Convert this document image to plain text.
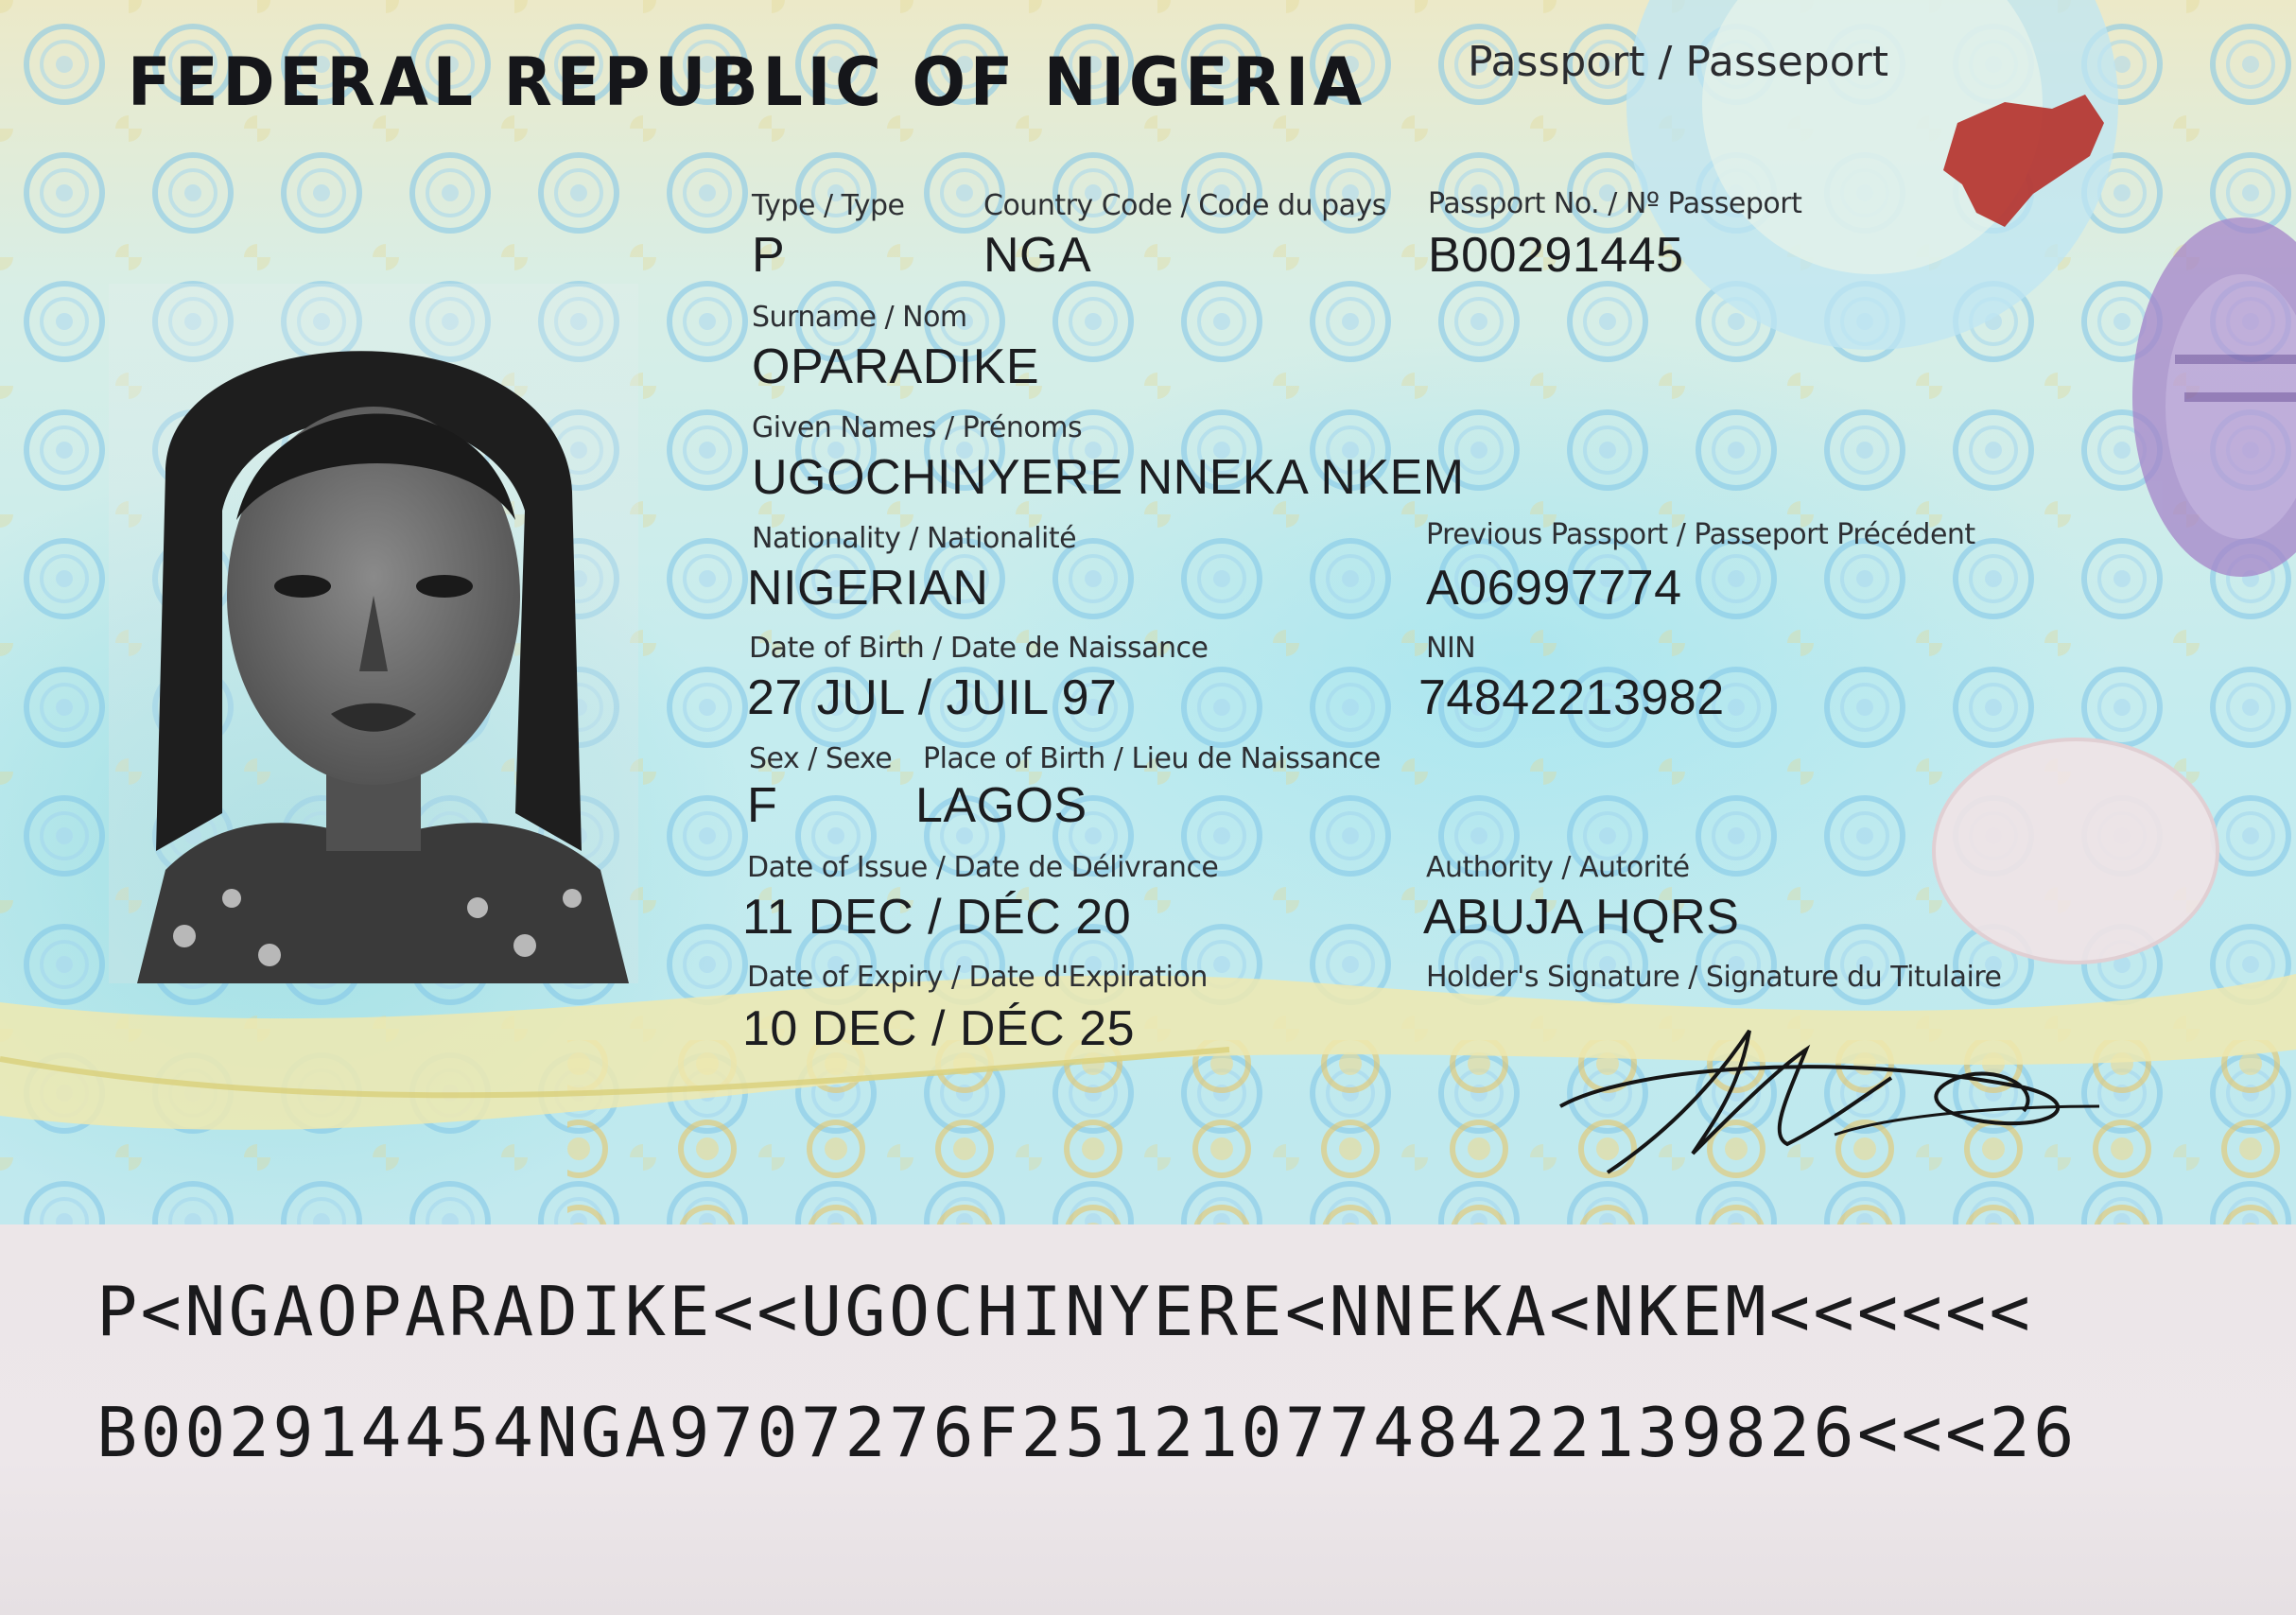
FEDERAL REPUBLIC OF NIGERIA Passport / Passeport
Type / Type
P
Country Code / Code du pays
NGA
Passport No. / Nº Passeport
B00291445
Surname / Nom
OPARADIKE
Given Names / Prénoms
UGOCHINYERE NNEKA NKEM
Nationality / Nationalité
NIGERIAN
Previous Passport / Passeport Précédent
A06997774
Date of Birth / Date de Naissance
27 JUL / JUIL 97
NIN
74842213982
Sex / Sexe
F
Place of Birth / Lieu de Naissance
LAGOS
Date of Issue / Date de Délivrance
11 DEC / DÉC 20
Authority / Autorité
ABUJA HQRS
Date of Expiry / Date d'Expiration
10 DEC / DÉC 25
Holder's Signature / Signature du Titulaire
P<NGAOPARADIKE<<UGOCHINYERE<NNEKA<NKEM<<<<<<
B002914454NGA9707276F2512107748422139826<<<26
